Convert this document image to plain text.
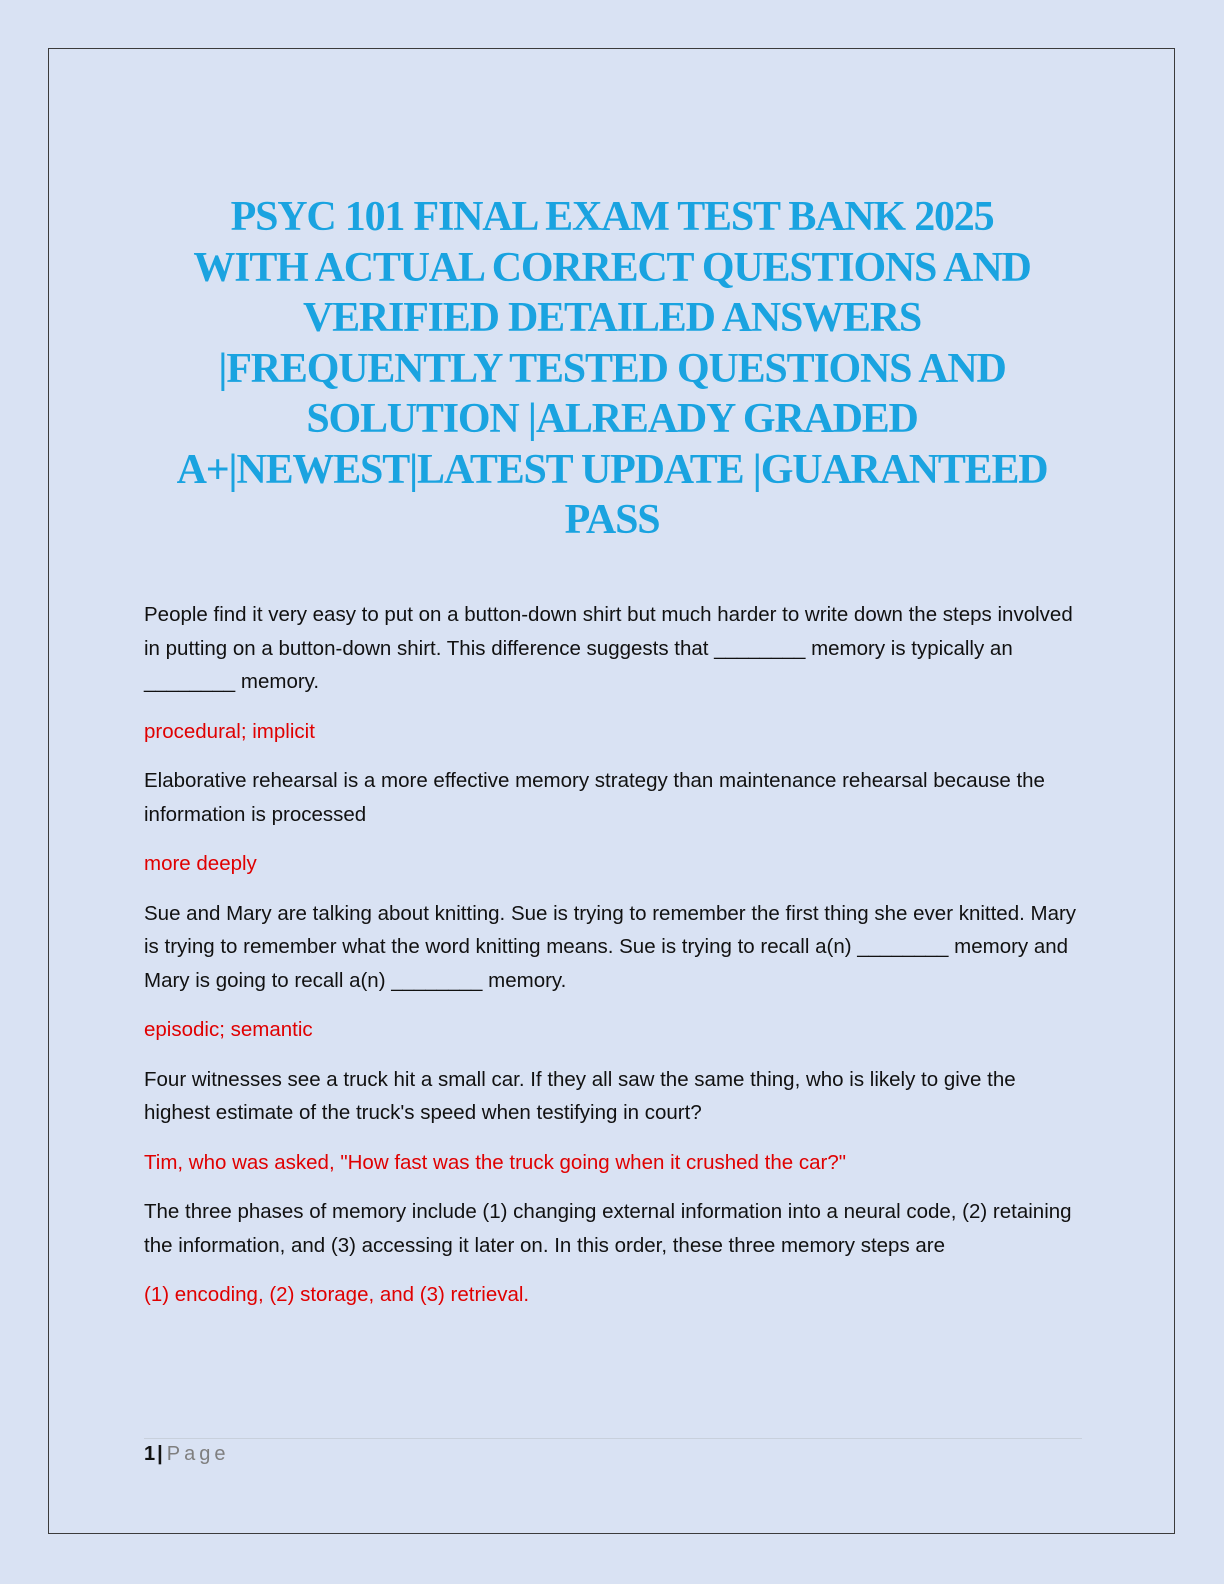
PSYC 101 FINAL EXAM TEST BANK 2025
WITH ACTUAL CORRECT QUESTIONS AND
VERIFIED DETAILED ANSWERS
|FREQUENTLY TESTED QUESTIONS AND
SOLUTION |ALREADY GRADED
A+|NEWEST|LATEST UPDATE |GUARANTEED
PASS

People find it very easy to put on a button-down shirt but much harder to write down the steps involved in putting on a button-down shirt. This difference suggests that ________ memory is typically an ________ memory.

procedural; implicit

Elaborative rehearsal is a more effective memory strategy than maintenance rehearsal because the information is processed

more deeply

Sue and Mary are talking about knitting. Sue is trying to remember the first thing she ever knitted. Mary is trying to remember what the word knitting means. Sue is trying to recall a(n) ________ memory and Mary is going to recall a(n) ________ memory.

episodic; semantic

Four witnesses see a truck hit a small car. If they all saw the same thing, who is likely to give the highest estimate of the truck's speed when testifying in court?

Tim, who was asked, "How fast was the truck going when it crushed the car?"

The three phases of memory include (1) changing external information into a neural code, (2) retaining the information, and (3) accessing it later on. In this order, these three memory steps are

(1) encoding, (2) storage, and (3) retrieval.

1 | Page
